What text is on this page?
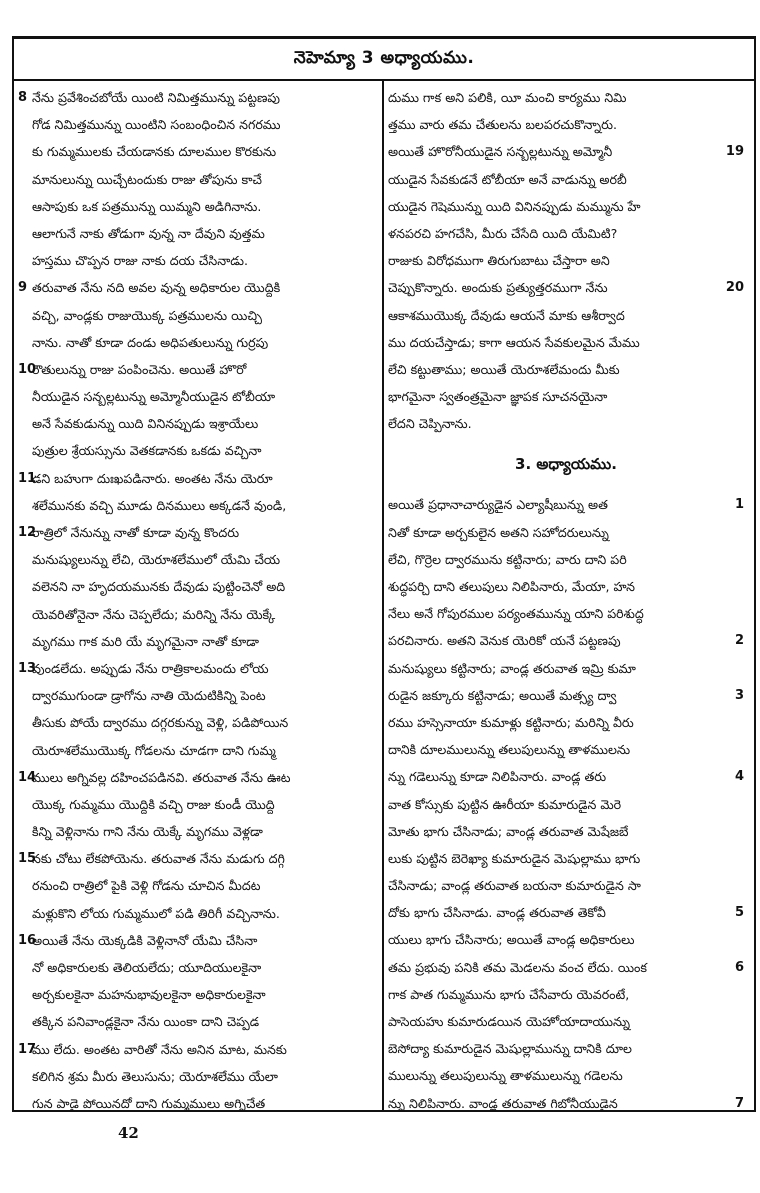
నెహెమ్యా 3 అధ్యాయము.
నేను ప్రవేశించబోయే యింటి నిమిత్తమున్ను పట్టణపు
8
గోడ నిమిత్తమున్ను యింటిని సంబంధించిన నగరము
కు గుమ్మములకు చేయడానకు దూలముల కొరకును
మానులున్ను యిచ్చేటందుకు రాజు తోపును కాచే
ఆసాపుకు ఒక పత్రమున్ను యిమ్మని అడిగినాను.
ఆలాగునే నాకు తోడుగా వున్న నా దేవుని వుత్తమ
హస్తము చొప్పన రాజు నాకు దయ చేసినాడు.
తరువాత నేను నది అవల వున్న అధికారుల యొద్దికి
9
వచ్చి, వాండ్లకు రాజుయొక్క పత్రములను యిచ్చి
నాను. నాతో కూడా దండు అధిపతులున్ను గుర్రపు
రౌతులున్ను రాజు పంపించెను. అయితే హొరో
10
నీయుడైన సన్బల్లటున్ను అమ్మోనీయుడైన టోబీయా
అనే సేవకుడున్ను యిది వినినప్పుడు ఇశ్రాయేలు
పుత్రుల శ్రేయస్సును వెతకడానకు ఒకడు వచ్చినా
డని బహుగా దుఃఖపడినారు. అంతట నేను యెరూ
11
శలేమునకు వచ్చి మూడు దినములు అక్కడనే వుండి,
రాత్రిలో నేనున్ను నాతో కూడా వున్న కొందరు
12
మనుష్యులున్ను లేచి, యెరూశలేములో యేమి చేయ
వలెనని నా హృదయమునకు దేవుడు పుట్టించెనో అది
యెవరితోనైనా నేను చెప్పలేదు; మరిన్ని నేను యెక్కే
మృగము గాక మరి యే మృగమైనా నాతో కూడా
వుండలేదు. అప్పుడు నేను రాత్రికాలమందు లోయ
13
ద్వారముగుండా డ్రాగోను నాతి యెదుటికిన్ని పెంట
తీసుకు పోయే ద్వారము దగ్గరకున్ను వెళ్లి, పడిపోయిన
యెరూశలేముయొక్క గోడలను చూడగా దాని గుమ్మ
ములు అగ్నివల్ల దహించపడినవి. తరువాత నేను ఊట
14
యొక్క గుమ్మము యొద్దికి వచ్చి రాజు కుండీ యొద్ది
కిన్ని వెళ్లినాను గాని నేను యెక్కే మృగము వెళ్లడా
నకు చోటు లేకపోయెను. తరువాత నేను మడుగు దగ్గి
15
రనుంచి రాత్రిలో పైకి వెళ్లి గోడను చూచిన మీదట
మళ్లుకొని లోయ గుమ్మములో పడి తిరిగీ వచ్చినాను.
అయితే నేను యెక్కడికి వెళ్లినానో యేమి చేసినా
16
నో అధికారులకు తెలియలేదు; యూదియులకైనా
అర్చకులకైనా మహనుభావులకైనా అధికారులకైనా
తక్కిన పనివాండ్లకైనా నేను యింకా దాని చెప్పడ
ము లేదు. అంతట వారితో నేను అనిన మాట, మనకు
17
కలిగిన శ్రమ మీరు తెలుసును; యెరూశలేము యేలా
గున పాడై పోయినదో దాని గుమ్మములు అగ్నిచేత
దుము గాక అని పలికి, యీ మంచి కార్యము నిమి
త్తము వారు తమ చేతులను బలపరచుకొన్నారు.
అయితే హొరోనీయుడైన సన్బల్లటున్ను అమ్మోనీ	19
యుడైన సేవకుడనే టోబీయా అనే వాడున్ను అరబీ
యుడైన గెషెమున్ను యిది వినినప్పుడు మమ్మును హే
ళనపరచి హగచేసి, మీరు చేసేది యిది యేమిటి?
రాజుకు విరోధముగా తిరుగుబాటు చేస్తారా అని
చెప్పుకొన్నారు. అందుకు ప్రత్యుత్తరముగా నేను	20
ఆకాశముయొక్క దేవుడు ఆయనే మాకు ఆశీర్వాద
ము దయచేస్తాడు; కాగా ఆయన సేవకులమైన మేము
లేచి కట్టుతాము; అయితే యెరూశలేమందు మీకు
భాగమైనా స్వతంత్రమైనా జ్ఞాపక సూచనయైనా
లేదని చెప్పినాను.
3. అధ్యాయము.
అయితే ప్రధానాచార్యుడైన ఎల్యాషీబున్ను అత	1
నితో కూడా అర్చకులైన అతని సహోదరులున్ను
లేచి, గొర్రెల ద్వారమును కట్టినారు; వారు దాని పరి
శుద్ధపర్చి దాని తలుపులు నిలిపినారు, మేయా, హన
నేలు అనే గోపురముల పర్యంతమున్ను యాని పరిశుద్ధ
పరచినారు. అతని వెనుక యెరికో యనే పట్టణపు	2
మనుష్యులు కట్టినారు; వాండ్ల తరువాత ఇమ్రి కుమా
రుడైన జక్కూరు కట్టినాడు; అయితే మత్స్య ద్వా	3
రము హస్సెనాయా కుమాళ్లు కట్టినారు; మరిన్ని వీరు
దానికి దూలములున్ను తలుపులున్ను తాళములను
న్ను గడెలున్ను కూడా నిలిపినారు. వాండ్ల తరు	4
వాత కోస్సుకు పుట్టిన ఊరీయా కుమారుడైన మెరె
మోతు భాగు చేసినాడు; వాండ్ల తరువాత మెషేజబే
లుకు పుట్టిన బెరెఖ్యా కుమారుడైన మెషుల్లాము భాగు
చేసినాడు; వాండ్ల తరువాత బయనా కుమారుడైన సా
దోకు భాగు చేసినాడు. వాండ్ల తరువాత తెకోవీ	5
యులు భాగు చేసినారు; అయితే వాండ్ల అధికారులు
తమ ప్రభువు పనికి తమ మెడలను వంచ లేదు. యింక	6
గాక పాత గుమ్మమును భాగు చేసేవారు యెవరంటే,
పాసెయహు కుమారుడయిన యెహోయాదాయున్ను
బెసోద్యా కుమారుడైన మెషుల్లామున్ను దానికి దూల
ములున్ను తలుపులున్ను తాళములున్ను గడెలను
న్ను నిలిపినారు. వాండ్ల తరువాత గిబోనీయుడైన	7
42
